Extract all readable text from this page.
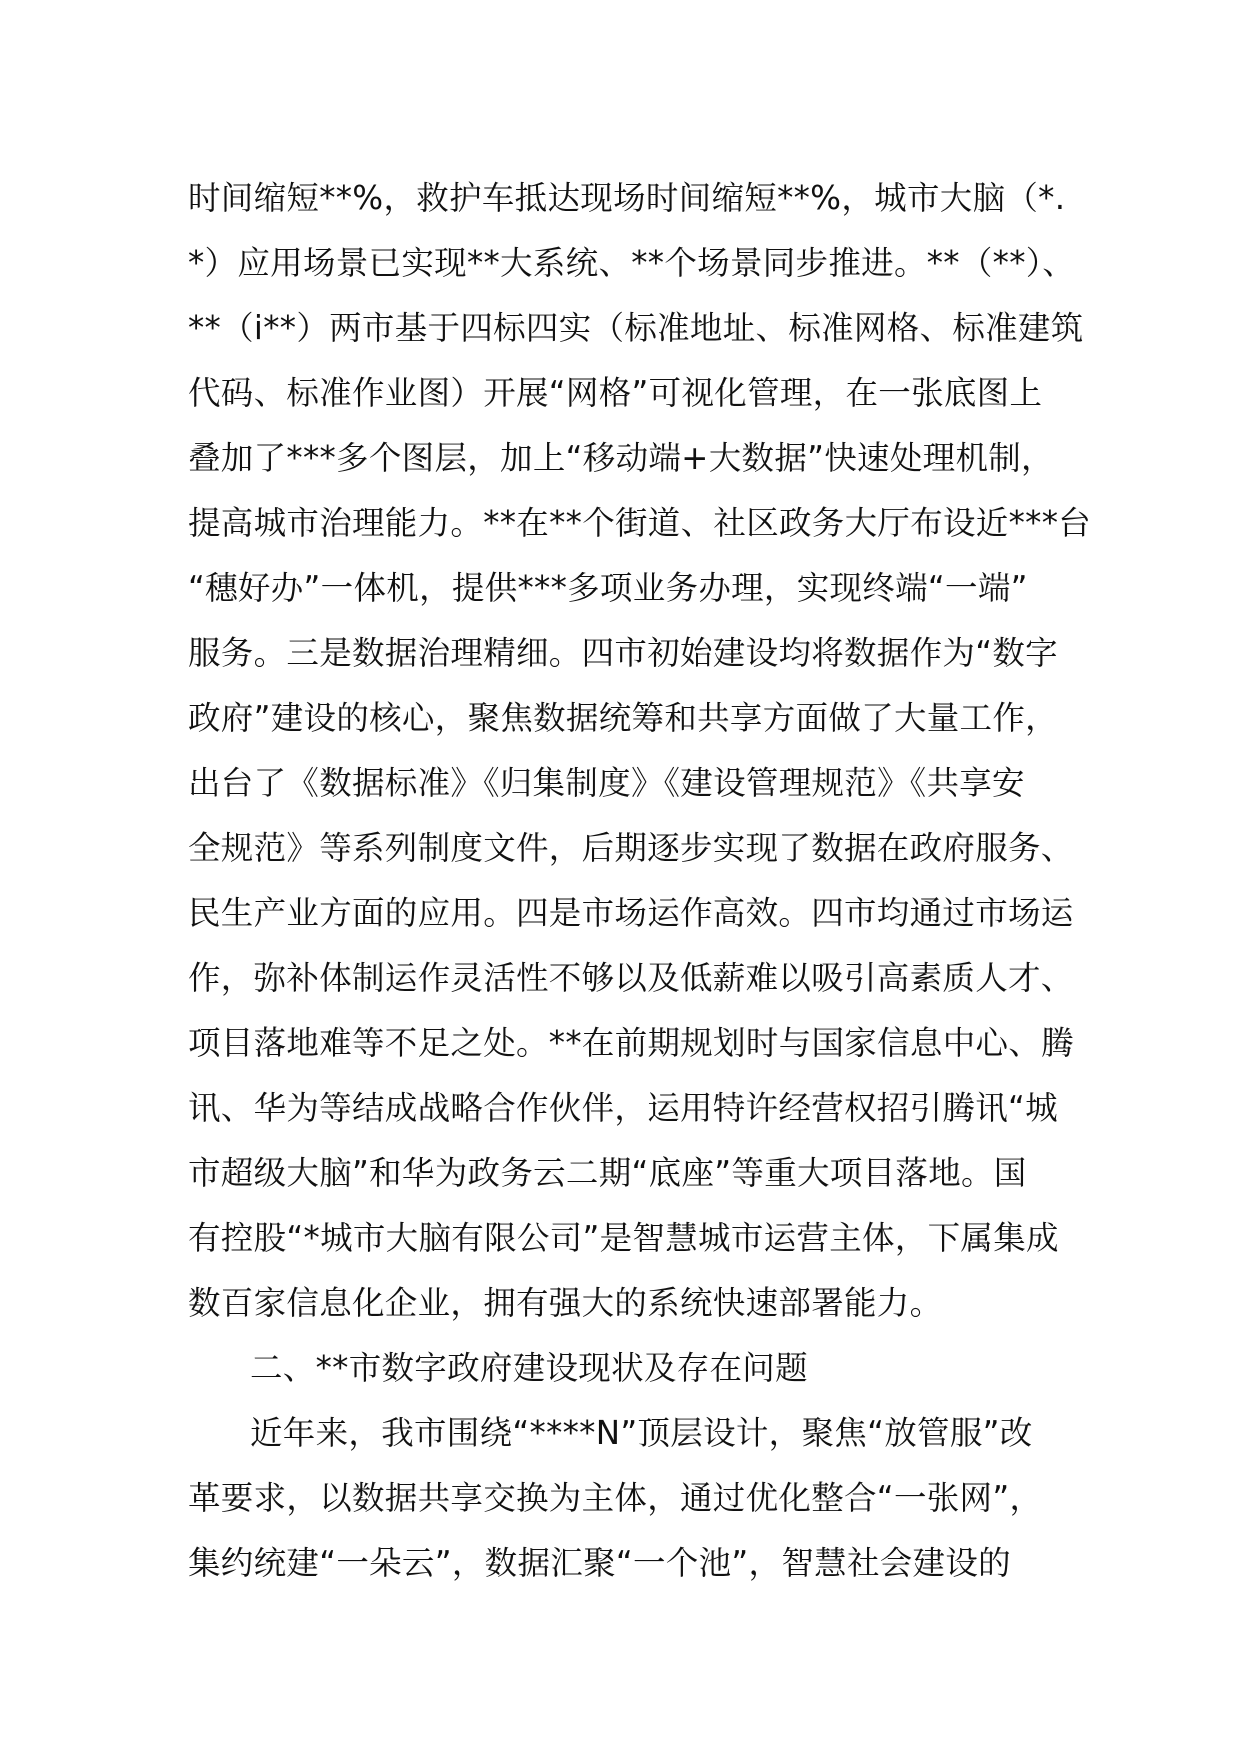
时间缩短**%，救护车抵达现场时间缩短**%，城市大脑（*.
*）应用场景已实现**大系统、**个场景同步推进。**（**）、
**（i**）两市基于四标四实（标准地址、标准网格、标准建筑
代码、标准作业图）开展“网格”可视化管理，在一张底图上
叠加了***多个图层，加上“移动端+大数据”快速处理机制，
提高城市治理能力。**在**个街道、社区政务大厅布设近***台
“穗好办”一体机，提供***多项业务办理，实现终端“一端”
服务。三是数据治理精细。四市初始建设均将数据作为“数字
政府”建设的核心，聚焦数据统筹和共享方面做了大量工作，
出台了《数据标准》《归集制度》《建设管理规范》《共享安
全规范》等系列制度文件，后期逐步实现了数据在政府服务、
民生产业方面的应用。四是市场运作高效。四市均通过市场运
作，弥补体制运作灵活性不够以及低薪难以吸引高素质人才、
项目落地难等不足之处。**在前期规划时与国家信息中心、腾
讯、华为等结成战略合作伙伴，运用特许经营权招引腾讯“城
市超级大脑”和华为政务云二期“底座”等重大项目落地。国
有控股“*城市大脑有限公司”是智慧城市运营主体，下属集成
数百家信息化企业，拥有强大的系统快速部署能力。
二、**市数字政府建设现状及存在问题
近年来，我市围绕“****N”顶层设计，聚焦“放管服”改
革要求，以数据共享交换为主体，通过优化整合“一张网”，
集约统建“一朵云”，数据汇聚“一个池”，智慧社会建设的
